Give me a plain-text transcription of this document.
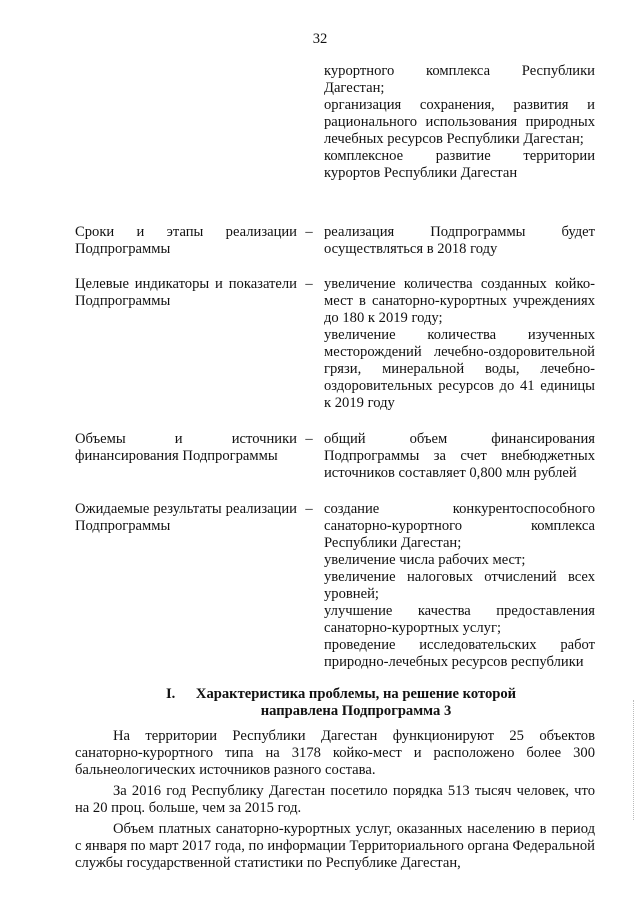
32

курортного комплекса Республики Дагестан;

организация сохранения, развития и рационального использования природных лечебных ресурсов Республики Дагестан;

комплексное развитие территории курортов Республики Дагестан

Сроки и этапы реализации Подпрограммы
– реализация Подпрограммы будет осуществляться в 2018 году

Целевые индикаторы и показатели Подпрограммы
– увеличение количества созданных койко-мест в санаторно-курортных учреждениях до 180 к 2019 году;

увеличение количества изученных месторождений лечебно-оздоровительной грязи, минеральной воды, лечебно-оздоровительных ресурсов до 41 единицы к 2019 году

Объемы и источники финансирования Подпрограммы
– общий объем финансирования Подпрограммы за счет внебюджетных источников составляет 0,800 млн рублей

Ожидаемые результаты реализации Подпрограммы
– создание конкурентоспособного санаторно-курортного комплекса Республики Дагестан;

увеличение числа рабочих мест;

увеличение налоговых отчислений всех уровней;

улучшение качества предоставления санаторно-курортных услуг;

проведение исследовательских работ природно-лечебных ресурсов республики

I.	Характеристика проблемы, на решение которой
направлена Подпрограмма 3

На территории Республики Дагестан функционируют 25 объектов санаторно-курортного типа на 3178 койко-мест и расположено более 300 бальнеологических источников разного состава.

За 2016 год Республику Дагестан посетило порядка 513 тысяч человек, что на 20 проц. больше, чем за 2015 год.

Объем платных санаторно-курортных услуг, оказанных населению в период с января по март 2017 года, по информации Территориального органа Федеральной службы государственной статистики по Республике Дагестан,
